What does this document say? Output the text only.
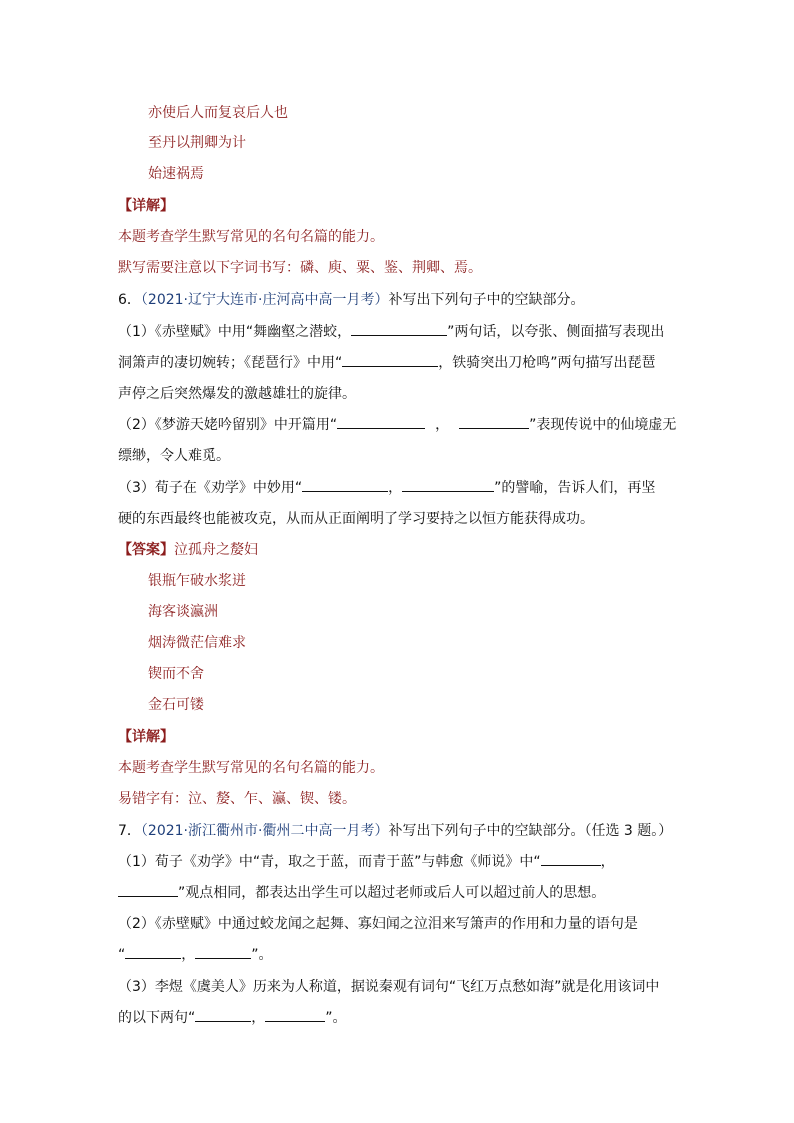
亦使后人而复哀后人也
至丹以荆卿为计
始速祸焉
【详解】
本题考查学生默写常见的名句名篇的能力。
默写需要注意以下字词书写：磷、庾、粟、鉴、荆卿、焉。
6．（2021·辽宁大连市·庄河高中高一月考）补写出下列句子中的空缺部分。
（1）《赤壁赋》中用“舞幽壑之潜蛟，	”两句话，以夸张、侧面描写表现出
洞箫声的凄切婉转；《琵琶行》中用“	，铁骑突出刀枪鸣”两句描写出琵琶
声停之后突然爆发的激越雄壮的旋律。
（2）《梦游天姥吟留别》中开篇用“	，	”表现传说中的仙境虚无
缥缈，令人难觅。
（3）荀子在《劝学》中妙用“	，	”的譬喻，告诉人们，再坚
硬的东西最终也能被攻克，从而从正面阐明了学习要持之以恒方能获得成功。
【答案】泣孤舟之嫠妇
银瓶乍破水浆迸
海客谈瀛洲
烟涛微茫信难求
锲而不舍
金石可镂
【详解】
本题考查学生默写常见的名句名篇的能力。
易错字有：泣、嫠、乍、瀛、锲、镂。
7．（2021·浙江衢州市·衢州二中高一月考）补写出下列句子中的空缺部分。（任选 3 题。）
（1）荀子《劝学》中“青，取之于蓝，而青于蓝”与韩愈《师说》中“	，
”观点相同，都表达出学生可以超过老师或后人可以超过前人的思想。
（2）《赤壁赋》中通过蛟龙闻之起舞、寡妇闻之泣泪来写箫声的作用和力量的语句是
“	，	”。
（3）李煜《虞美人》历来为人称道，据说秦观有词句“飞红万点愁如海”就是化用该词中
的以下两句“	，	”。
